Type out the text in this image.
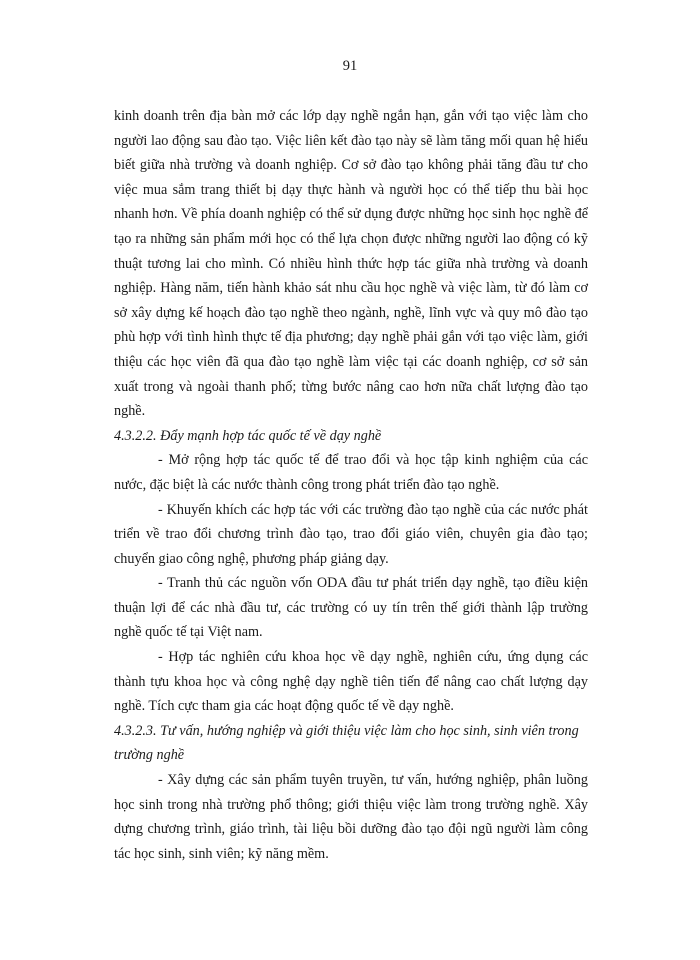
91

kinh doanh trên địa bàn mở các lớp dạy nghề ngắn hạn, gắn với tạo việc làm cho người lao động sau đào tạo. Việc liên kết đào tạo này sẽ làm tăng mối quan hệ hiểu biết giữa nhà trường và doanh nghiệp. Cơ sở đào tạo không phải tăng đầu tư cho việc mua sắm trang thiết bị dạy thực hành và người học có thể tiếp thu bài học nhanh hơn. Về phía doanh nghiệp có thể sử dụng được những học sinh học nghề để tạo ra những sản phẩm mới học có thể lựa chọn được những người lao động có kỹ thuật tương lai cho mình. Có nhiều hình thức hợp tác giữa nhà trường và doanh nghiệp. Hàng năm, tiến hành khảo sát nhu cầu học nghề và việc làm, từ đó làm cơ sở xây dựng kế hoạch đào tạo nghề theo ngành, nghề, lĩnh vực và quy mô đào tạo phù hợp với tình hình thực tế địa phương; dạy nghề phải gắn với tạo việc làm, giới thiệu các học viên đã qua đào tạo nghề làm việc tại các doanh nghiệp, cơ sở sản xuất trong và ngoài thanh phố; từng bước nâng cao hơn nữa chất lượng đào tạo nghề.

4.3.2.2. Đẩy mạnh hợp tác quốc tế về dạy nghề

- Mở rộng hợp tác quốc tế để trao đổi và học tập kinh nghiệm của các nước, đặc biệt là các nước thành công trong phát triển đào tạo nghề.

- Khuyến khích các hợp tác với các trường đào tạo nghề của các nước phát triển về trao đổi chương trình đào tạo, trao đổi giáo viên, chuyên gia đào tạo; chuyển giao công nghệ, phương pháp giảng dạy.

- Tranh thủ các nguồn vốn ODA đầu tư phát triển dạy nghề, tạo điều kiện thuận lợi để các nhà đầu tư, các trường có uy tín trên thế giới thành lập trường nghề quốc tế tại Việt nam.

- Hợp tác nghiên cứu khoa học về dạy nghề, nghiên cứu, ứng dụng các thành tựu khoa học và công nghệ dạy nghề tiên tiến để nâng cao chất lượng dạy nghề. Tích cực tham gia các hoạt động quốc tế về dạy nghề.

4.3.2.3. Tư vấn, hướng nghiệp và giới thiệu việc làm cho học sinh, sinh viên trong trường nghề

- Xây dựng các sản phẩm tuyên truyền, tư vấn, hướng nghiệp, phân luồng học sinh trong nhà trường phổ thông; giới thiệu việc làm trong trường nghề. Xây dựng chương trình, giáo trình, tài liệu bồi dưỡng đào tạo đội ngũ người làm công tác học sinh, sinh viên; kỹ năng mềm.
